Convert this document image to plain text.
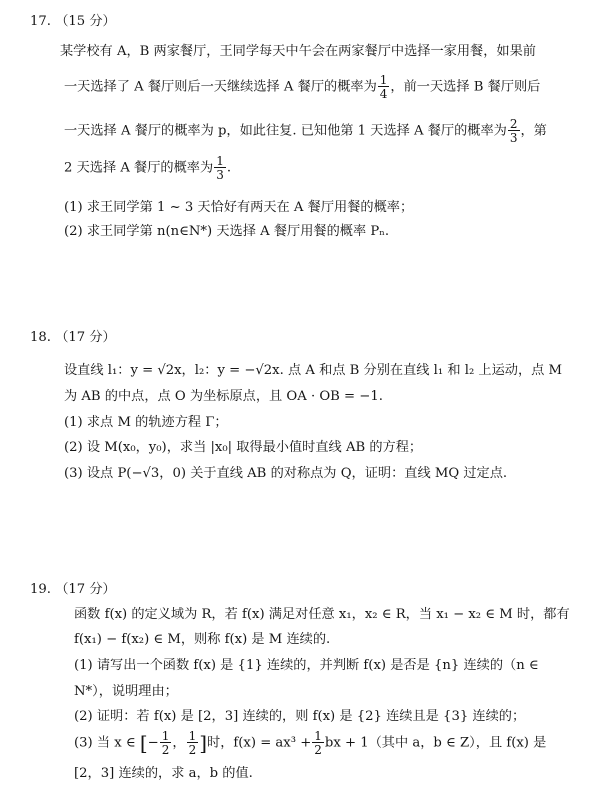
17. （15 分）
某学校有 A，B 两家餐厅，王同学每天中午会在两家餐厅中选择一家用餐，如果前
一天选择了 A 餐厅则后一天继续选择 A 餐厅的概率为 $\frac{1}{4}$ ，前一天选择 B 餐厅则后
一天选择 A 餐厅的概率为 p，如此往复. 已知他第 1 天选择 A 餐厅的概率为 $\frac{2}{3}$ ，第
2 天选择 A 餐厅的概率为 $\frac{1}{3}$ .
(1) 求王同学第 1 ~ 3 天恰好有两天在 A 餐厅用餐的概率；
(2) 求王同学第 n(n∈N*) 天选择 A 餐厅用餐的概率 Pₙ.
18. （17 分）
设直线 l₁：y = √2x，l₂：y = −√2x. 点 A 和点 B 分别在直线 l₁ 和 l₂ 上运动，点 M
为 AB 的中点，点 O 为坐标原点，且 OA · OB = −1.
(1) 求点 M 的轨迹方程 Γ；
(2) 设 M(x₀，y₀)，求当 |x₀| 取得最小值时直线 AB 的方程；
(3) 设点 P(−√3，0) 关于直线 AB 的对称点为 Q，证明：直线 MQ 过定点.
19. （17 分）
函数 f(x) 的定义域为 R，若 f(x) 满足对任意 x₁，x₂ ∈ R，当 x₁ − x₂ ∈ M 时，都有
f(x₁) − f(x₂) ∈ M，则称 f(x) 是 M 连续的.
(1) 请写出一个函数 f(x) 是 {1} 连续的，并判断 f(x) 是否是 {n} 连续的（n ∈
N*），说明理由；
(2) 证明：若 f(x) 是 [2，3] 连续的，则 f(x) 是 {2} 连续且是 {3} 连续的；
(3) 当 x ∈ [− $\frac{1}{2}$ ， $\frac{1}{2}$ ]时，$f(x) = ax^3 + \frac{1}{2}$ bx + 1（其中 a，b ∈ Z），且 f(x) 是
[2，3] 连续的，求 a，b 的值.
